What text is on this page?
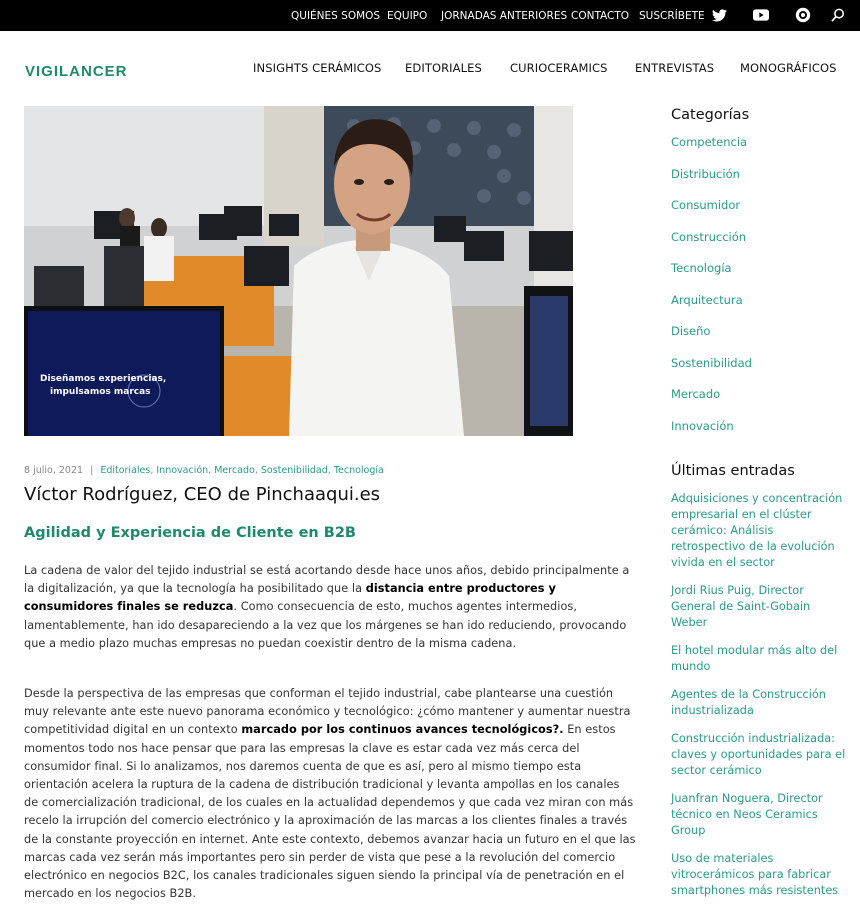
QUIÉNES SOMOS EQUIPO JORNADAS ANTERIORES CONTACTO SUSCRÍBETE
VIGILANCER	INSIGHTS CERÁMICOS EDITORIALES CURIOCERAMICS ENTREVISTAS MONOGRÁFICOS
Diseñamos experiencias,
impulsamos marcas
8 julio, 2021 | Editoriales, Innovación, Mercado, Sostenibilidad, Tecnología
Víctor Rodríguez, CEO de Pinchaaqui.es
Agilidad y Experiencia de Cliente en B2B

La cadena de valor del tejido industrial se está acortando desde hace unos años, debido principalmente a la digitalización, ya que la tecnología ha posibilitado que la distancia entre productores y consumidores finales se reduzca. Como consecuencia de esto, muchos agentes intermedios, lamentablemente, han ido desapareciendo a la vez que los márgenes se han ido reduciendo, provocando que a medio plazo muchas empresas no puedan coexistir dentro de la misma cadena.

Desde la perspectiva de las empresas que conforman el tejido industrial, cabe plantearse una cuestión muy relevante ante este nuevo panorama económico y tecnológico: ¿cómo mantener y aumentar nuestra competitividad digital en un contexto marcado por los continuos avances tecnológicos?. En estos momentos todo nos hace pensar que para las empresas la clave es estar cada vez más cerca del consumidor final. Si lo analizamos, nos daremos cuenta de que es así, pero al mismo tiempo esta orientación acelera la ruptura de la cadena de distribución tradicional y levanta ampollas en los canales de comercialización tradicional, de los cuales en la actualidad dependemos y que cada vez miran con más recelo la irrupción del comercio electrónico y la aproximación de las marcas a los clientes finales a través de la constante proyección en internet. Ante este contexto, debemos avanzar hacia un futuro en el que las marcas cada vez serán más importantes pero sin perder de vista que pese a la revolución del comercio electrónico en negocios B2C, los canales tradicionales siguen siendo la principal vía de penetración en el mercado en los negocios B2B.

Categorías
Competencia
Distribución
Consumidor
Construcción
Tecnología
Arquitectura
Diseño
Sostenibilidad
Mercado
Innovación
Últimas entradas
Adquisiciones y concentración empresarial en el clúster cerámico: Análisis retrospectivo de la evolución vivida en el sector
Jordi Rius Puig, Director General de Saint-Gobain Weber
El hotel modular más alto del mundo
Agentes de la Construcción industrializada
Construcción industrializada: claves y oportunidades para el sector cerámico
Juanfran Noguera, Director técnico en Neos Ceramics Group
Uso de materiales vitrocerámicos para fabricar smartphones más resistentes
